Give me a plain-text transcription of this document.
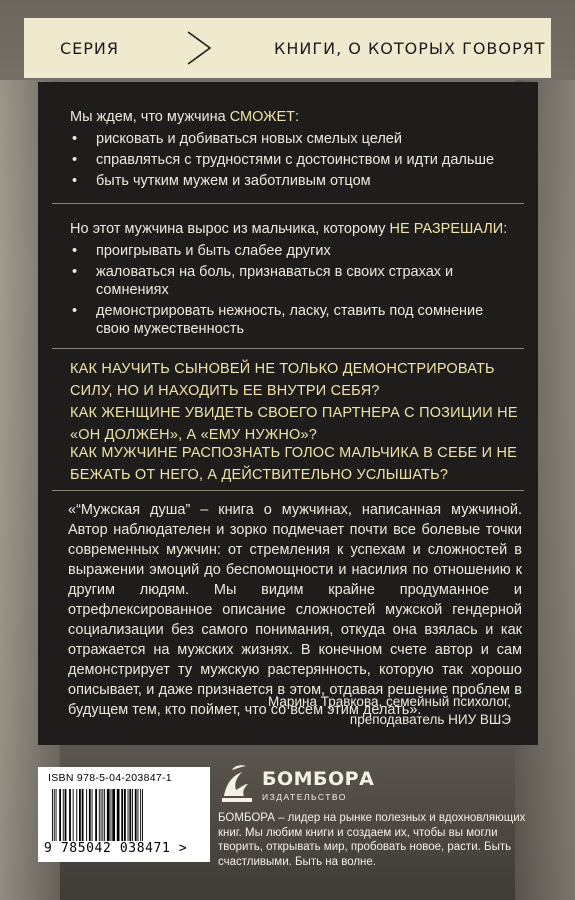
СЕРИЯ	КНИГИ, О КОТОРЫХ ГОВОРЯТ

Мы ждем, что мужчина СМОЖЕТ:

• рисковать и добиваться новых смелых целей
• справляться с трудностями с достоинством и идти дальше
• быть чутким мужем и заботливым отцом

Но этот мужчина вырос из мальчика, которому НЕ РАЗРЕШАЛИ:

• проигрывать и быть слабее других
• жаловаться на боль, признаваться в своих страхах и сомнениях
• демонстрировать нежность, ласку, ставить под сомнение свою мужественность

КАК НАУЧИТЬ СЫНОВЕЙ НЕ ТОЛЬКО ДЕМОНСТРИРОВАТЬ СИЛУ, НО И НАХОДИТЬ ЕЕ ВНУТРИ СЕБЯ?

КАК ЖЕНЩИНЕ УВИДЕТЬ СВОЕГО ПАРТНЕРА С ПОЗИЦИИ НЕ «ОН ДОЛЖЕН», А «ЕМУ НУЖНО»?

КАК МУЖЧИНЕ РАСПОЗНАТЬ ГОЛОС МАЛЬЧИКА В СЕБЕ И НЕ БЕЖАТЬ ОТ НЕГО, А ДЕЙСТВИТЕЛЬНО УСЛЫШАТЬ?

«“Мужская душа” – книга о мужчинах, написанная мужчиной. Автор наблюдателен и зорко подмечает почти все болевые точки современных мужчин: от стремления к успехам и сложностей в выражении эмоций до беспомощности и насилия по отношению к другим людям. Мы видим крайне продуманное и отрефлексированное описание сложностей мужской гендерной социализации без самого понимания, откуда она взялась и как отражается на мужских жизнях. В конечном счете автор и сам демонстрирует ту мужскую растерянность, которую так хорошо описывает, и даже признается в этом, отдавая решение проблем в будущем тем, кто поймет, что со всем этим делать».

Марина Травкова, семейный психолог,

преподаватель НИУ ВШЭ

ISBN 978-5-04-203847-1
9 785042 038471 >
БОМБОРА
ИЗДАТЕЛЬСТВО

БОМБОРА – лидер на рынке полезных и вдохновляющих книг. Мы любим книги и создаем их, чтобы вы могли творить, открывать мир, пробовать новое, расти. Быть счастливыми. Быть на волне.
